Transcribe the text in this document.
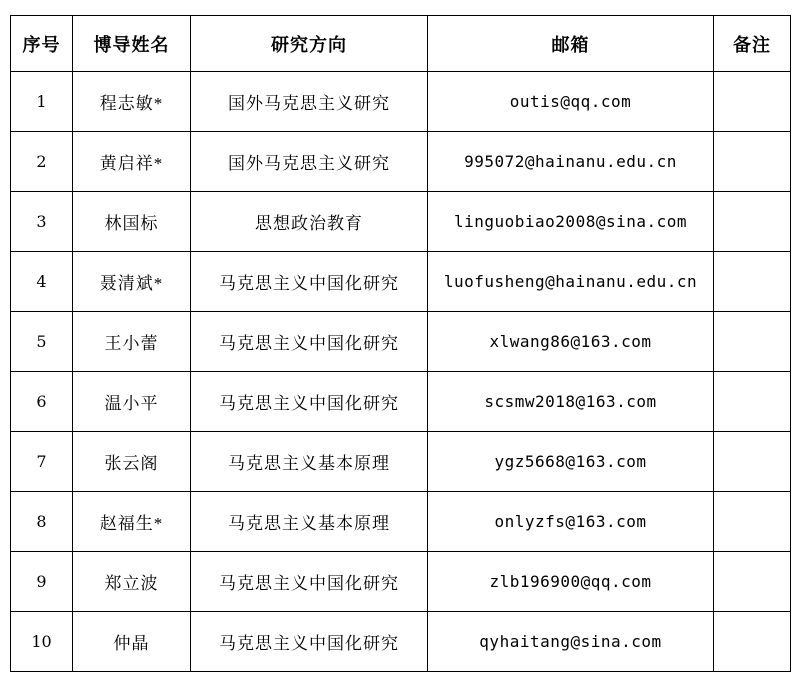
序号	博导姓名	研究方向	邮箱	备注
1	程志敏*	国外马克思主义研究	outis@qq.com	
2	黄启祥*	国外马克思主义研究	995072@hainanu.edu.cn	
3	林国标	思想政治教育	linguobiao2008@sina.com	
4	聂清斌*	马克思主义中国化研究	luofusheng@hainanu.edu.cn	
5	王小蕾	马克思主义中国化研究	xlwang86@163.com	
6	温小平	马克思主义中国化研究	scsmw2018@163.com	
7	张云阁	马克思主义基本原理	ygz5668@163.com	
8	赵福生*	马克思主义基本原理	onlyzfs@163.com	
9	郑立波	马克思主义中国化研究	zlb196900@qq.com	
10	仲晶	马克思主义中国化研究	qyhaitang@sina.com	
